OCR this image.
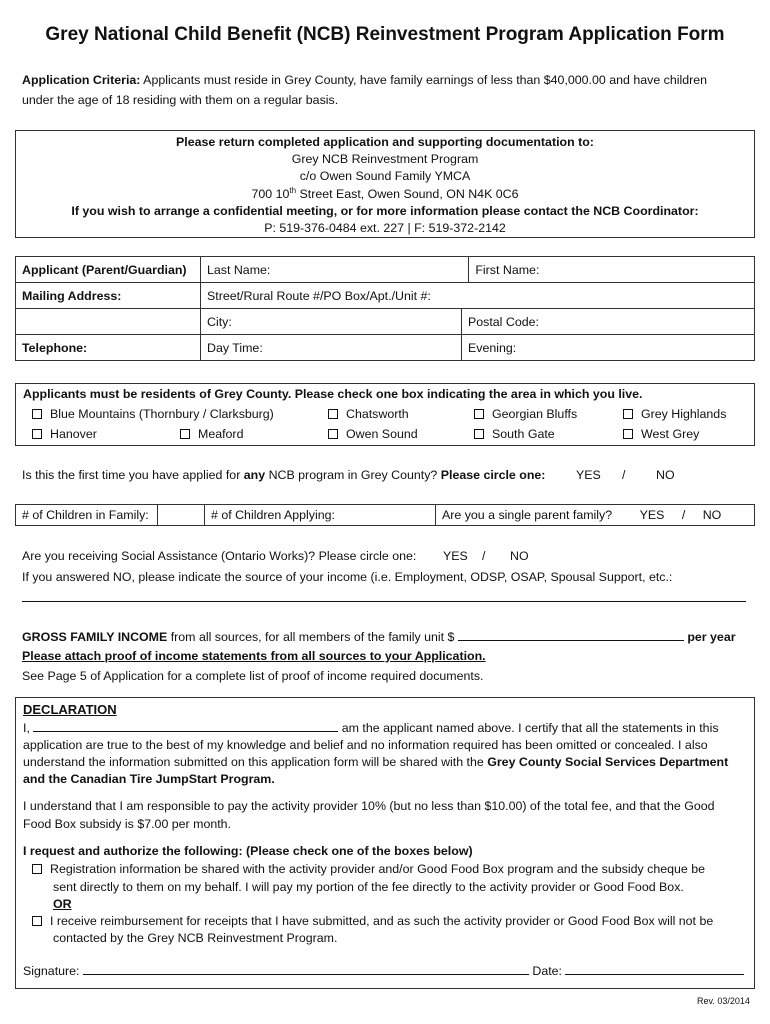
Grey National Child Benefit (NCB) Reinvestment Program Application Form
Application Criteria: Applicants must reside in Grey County, have family earnings of less than $40,000.00 and have children
under the age of 18 residing with them on a regular basis.
Please return completed application and supporting documentation to:
Grey NCB Reinvestment Program
c/o Owen Sound Family YMCA
700 10th Street East, Owen Sound, ON N4K 0C6
If you wish to arrange a confidential meeting, or for more information please contact the NCB Coordinator:
P: 519-376-0484 ext. 227 | F: 519-372-2142
Applicant (Parent/Guardian)	Last Name:		First Name:
Mailing Address:	Street/Rural Route #/PO Box/Apt./Unit #:		
	City:	Postal Code:	
Telephone:	Day Time:	Evening:	
Applicants must be residents of Grey County. Please check one box indicating the area in which you live.
Blue Mountains (Thornbury / Clarksburg)	Chatsworth	Georgian Bluffs	Grey Highlands
Hanover	Meaford	Owen Sound	South Gate	West Grey
Is this the first time you have applied for any NCB program in Grey County? Please circle one: YES / NO
# of Children in Family:		# of Children Applying:	Are you a single parent family? YES / NO
Are you receiving Social Assistance (Ontario Works)? Please circle one: YES / NO
If you answered NO, please indicate the source of your income (i.e. Employment, ODSP, OSAP, Spousal Support, etc.:
GROSS FAMILY INCOME from all sources, for all members of the family unit $	per year
Please attach proof of income statements from all sources to your Application.
See Page 5 of Application for a complete list of proof of income required documents.
DECLARATION
I,	am the applicant named above. I certify that all the statements in this
application are true to the best of my knowledge and belief and no information required has been omitted or concealed. I also
understand the information submitted on this application form will be shared with the Grey County Social Services Department
and the Canadian Tire JumpStart Program.
I understand that I am responsible to pay the activity provider 10% (but no less than $10.00) of the total fee, and that the Good
Food Box subsidy is $7.00 per month.
I request and authorize the following: (Please check one of the boxes below)
Registration information be shared with the activity provider and/or Good Food Box program and the subsidy cheque be
sent directly to them on my behalf. I will pay my portion of the fee directly to the activity provider or Good Food Box.
OR
I receive reimbursement for receipts that I have submitted, and as such the activity provider or Good Food Box will not be
contacted by the Grey NCB Reinvestment Program.
Signature:	Date:
Rev. 03/2014
